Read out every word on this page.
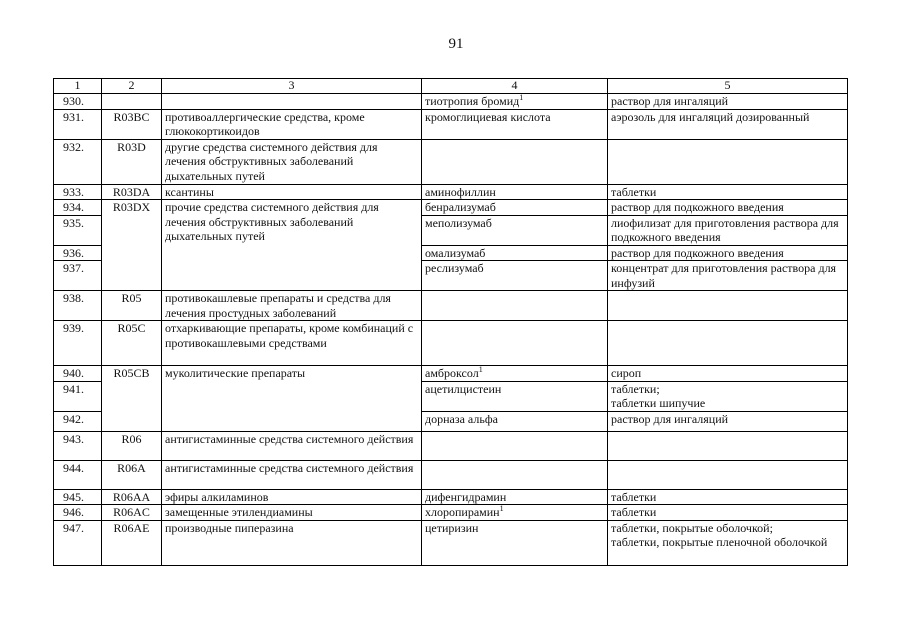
91
1	2	3	4	5
930.			тиотропия бромид$^1$	раствор для ингаляций
931.	R03BC	противоаллергические средства, кроме глюкокортикоидов	кромоглициевая кислота	аэрозоль для ингаляций дозированный
932.	R03D	другие средства системного действия для лечения обструктивных заболеваний дыхательных путей		
933.	R03DA	ксантины	аминофиллин	таблетки
934.	R03DX	прочие средства системного действия для лечения обструктивных заболеваний дыхательных путей	бенрализумаб	раствор для подкожного введения
935.			меполизумаб	лиофилизат для приготовления раствора для подкожного введения
936.			омализумаб	раствор для подкожного введения
937.			реслизумаб	концентрат для приготовления раствора для инфузий
938.	R05	противокашлевые препараты и средства для лечения простудных заболеваний		
939.	R05C	отхаркивающие препараты, кроме комбинаций с противокашлевыми средствами		
940.	R05CB	муколитические препараты	амброксол$^1$	сироп
941.			ацетилцистеин	таблетки;
таблетки шипучие

942.			дорназа альфа	раствор для ингаляций
943.	R06	антигистаминные средства системного действия		
944.	R06A	антигистаминные средства системного действия		
945.	R06AA	эфиры алкиламинов	дифенгидрамин	таблетки
946.	R06AC	замещенные этилендиамины	хлоропирамин$^1$	таблетки
947.	R06AE	производные пиперазина	цетиризин	таблетки, покрытые оболочкой;
таблетки, покрытые пленочной оболочкой
